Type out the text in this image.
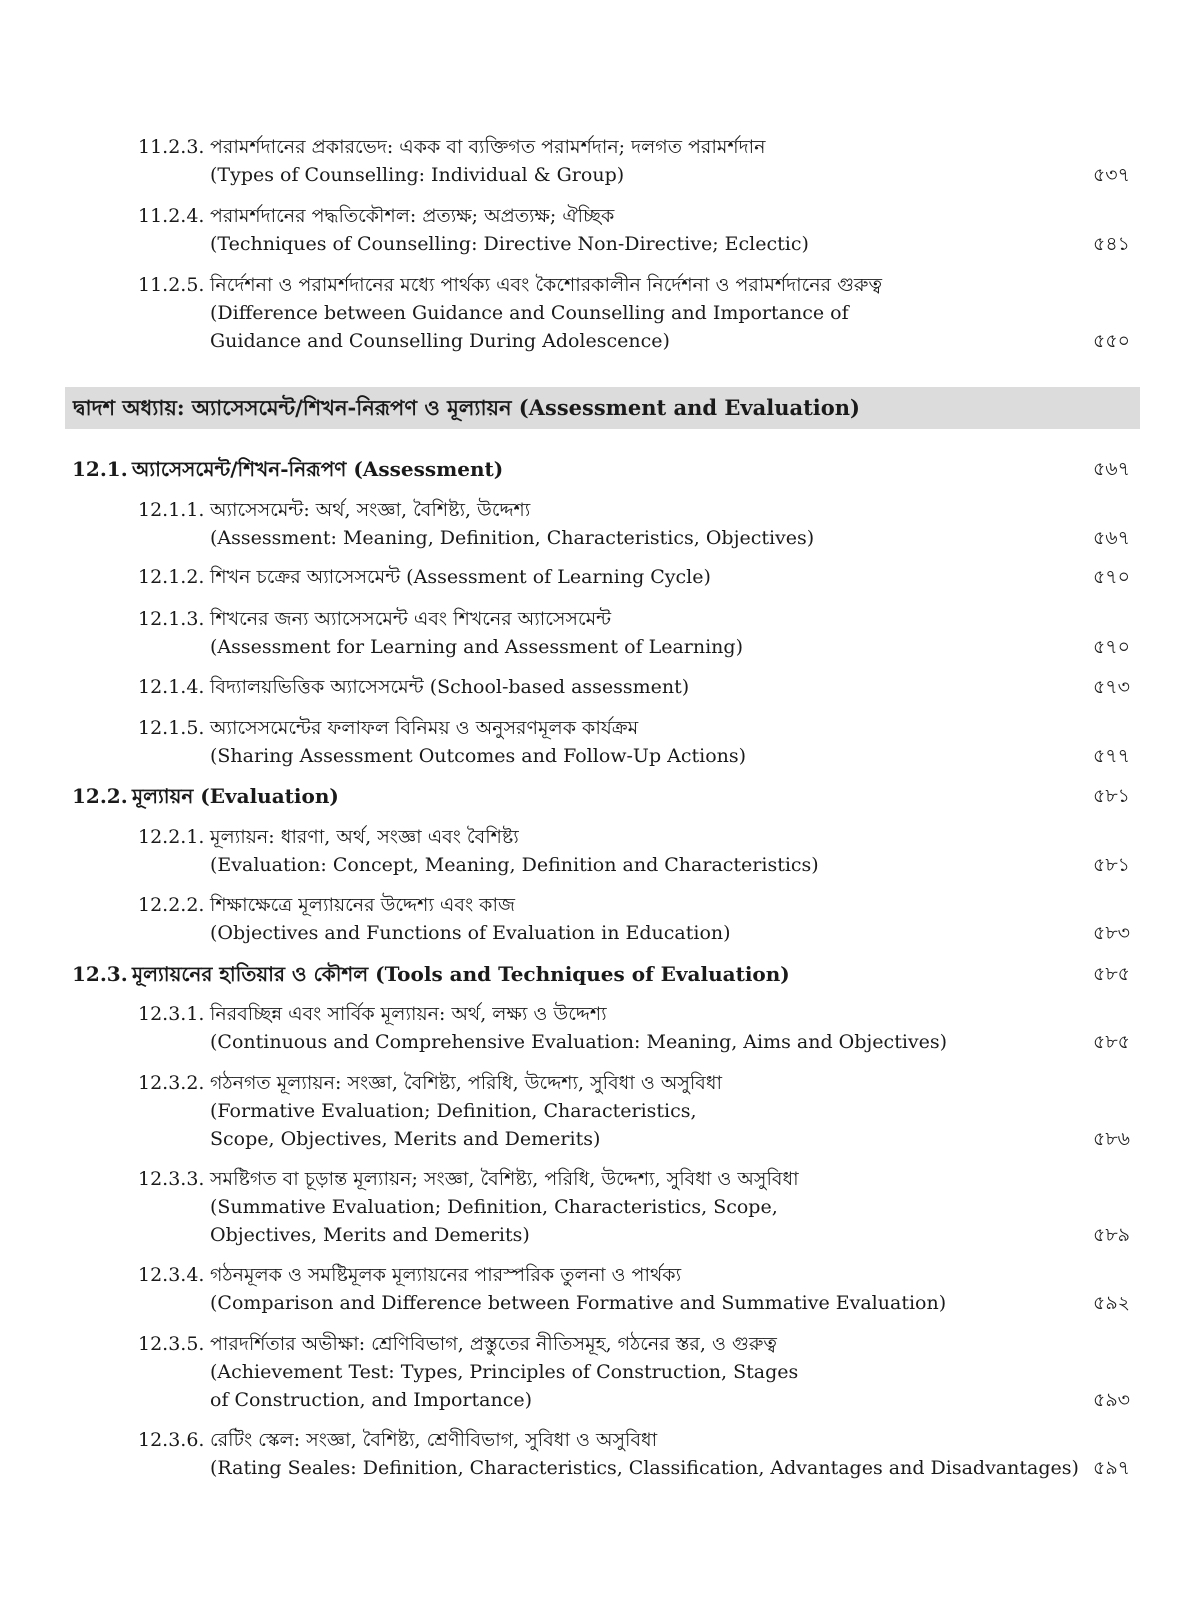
11.2.3. পরামর্শদানের প্রকারভেদ: একক বা ব্যক্তিগত পরামর্শদান; দলগত পরামর্শদান
(Types of Counselling: Individual & Group)	৫৩৭
11.2.4. পরামর্শদানের পদ্ধতিকৌশল: প্রত্যক্ষ; অপ্রত্যক্ষ; ঐচ্ছিক
(Techniques of Counselling: Directive Non-Directive; Eclectic)	৫৪১
11.2.5. নির্দেশনা ও পরামর্শদানের মধ্যে পার্থক্য এবং কৈশোরকালীন নির্দেশনা ও পরামর্শদানের গুরুত্ব
(Difference between Guidance and Counselling and Importance of
Guidance and Counselling During Adolescence)	৫৫০
দ্বাদশ অধ্যায়: অ্যাসেসমেন্ট/শিখন-নিরূপণ ও মূল্যায়ন (Assessment and Evaluation)
12.1. অ্যাসেসমেন্ট/শিখন-নিরূপণ (Assessment)	৫৬৭
12.1.1. অ্যাসেসমেন্ট: অর্থ, সংজ্ঞা, বৈশিষ্ট্য, উদ্দেশ্য
(Assessment: Meaning, Definition, Characteristics, Objectives)	৫৬৭
12.1.2. শিখন চক্রের অ্যাসেসমেন্ট (Assessment of Learning Cycle)	৫৭০
12.1.3. শিখনের জন্য অ্যাসেসমেন্ট এবং শিখনের অ্যাসেসমেন্ট
(Assessment for Learning and Assessment of Learning)	৫৭০
12.1.4. বিদ্যালয়ভিত্তিক অ্যাসেসমেন্ট (School-based assessment)	৫৭৩
12.1.5. অ্যাসেসমেন্টের ফলাফল বিনিময় ও অনুসরণমূলক কার্যক্রম
(Sharing Assessment Outcomes and Follow-Up Actions)	৫৭৭
12.2. মূল্যায়ন (Evaluation)	৫৮১
12.2.1. মূল্যায়ন: ধারণা, অর্থ, সংজ্ঞা এবং বৈশিষ্ট্য
(Evaluation: Concept, Meaning, Definition and Characteristics)	৫৮১
12.2.2. শিক্ষাক্ষেত্রে মূল্যায়নের উদ্দেশ্য এবং কাজ
(Objectives and Functions of Evaluation in Education)	৫৮৩
12.3. মূল্যায়নের হাতিয়ার ও কৌশল (Tools and Techniques of Evaluation)	৫৮৫
12.3.1. নিরবচ্ছিন্ন এবং সার্বিক মূল্যায়ন: অর্থ, লক্ষ্য ও উদ্দেশ্য
(Continuous and Comprehensive Evaluation: Meaning, Aims and Objectives)	৫৮৫
12.3.2. গঠনগত মূল্যায়ন: সংজ্ঞা, বৈশিষ্ট্য, পরিধি, উদ্দেশ্য, সুবিধা ও অসুবিধা
(Formative Evaluation; Definition, Characteristics,
Scope, Objectives, Merits and Demerits)	৫৮৬
12.3.3. সমষ্টিগত বা চূড়ান্ত মূল্যায়ন; সংজ্ঞা, বৈশিষ্ট্য, পরিধি, উদ্দেশ্য, সুবিধা ও অসুবিধা
(Summative Evaluation; Definition, Characteristics, Scope,
Objectives, Merits and Demerits)	৫৮৯
12.3.4. গঠনমূলক ও সমষ্টিমূলক মূল্যায়নের পারস্পরিক তুলনা ও পার্থক্য
(Comparison and Difference between Formative and Summative Evaluation)	৫৯২
12.3.5. পারদর্শিতার অভীক্ষা: শ্রেণিবিভাগ, প্রস্তুতের নীতিসমূহ, গঠনের স্তর, ও গুরুত্ব
(Achievement Test: Types, Principles of Construction, Stages
of Construction, and Importance)	৫৯৩
12.3.6. রেটিং স্কেল: সংজ্ঞা, বৈশিষ্ট্য, শ্রেণীবিভাগ, সুবিধা ও অসুবিধা
(Rating Seales: Definition, Characteristics, Classification, Advantages and Disadvantages) ৫৯৭
